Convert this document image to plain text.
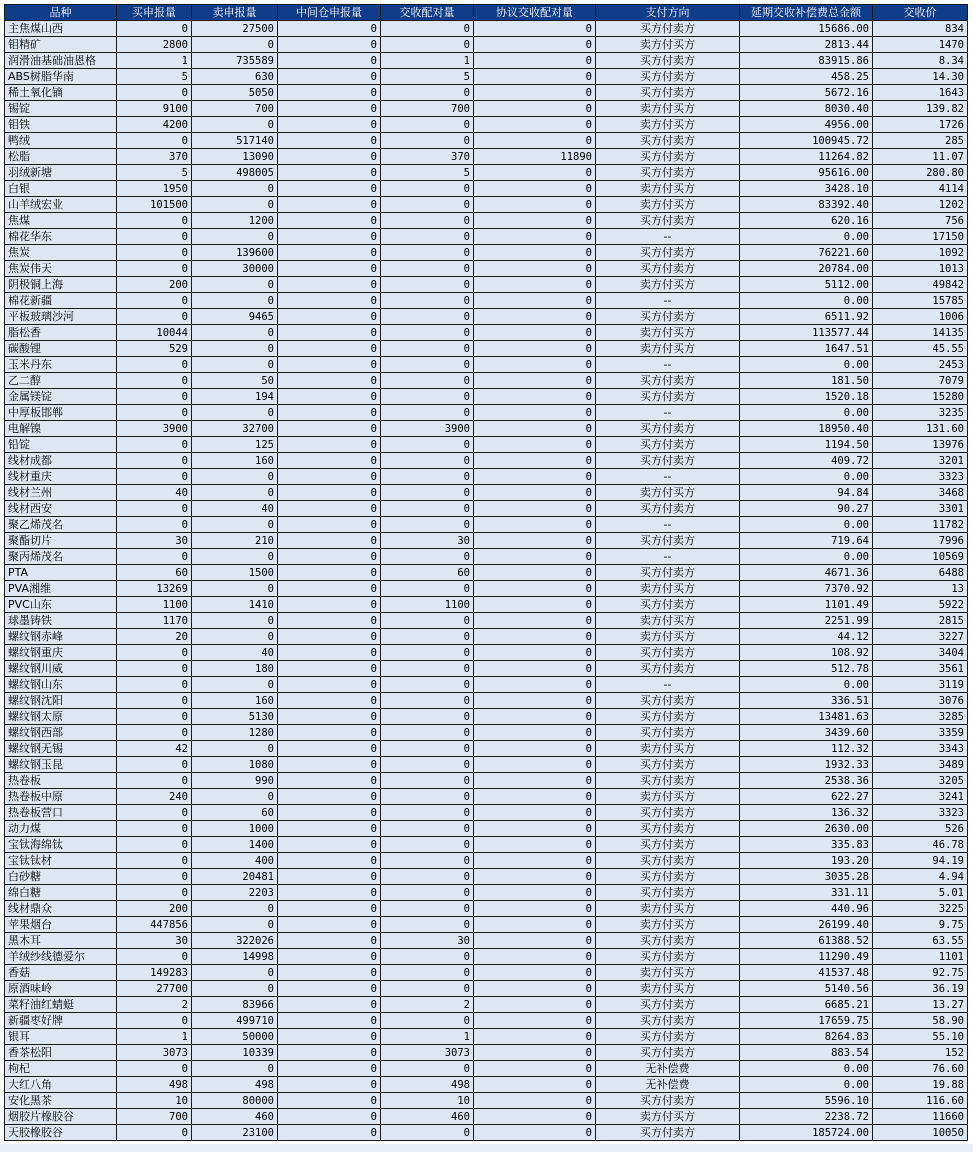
品种	买申报量	卖申报量	中间仓申报量	交收配对量	协议交收配对量	支付方向	延期交收补偿费总金额	交收价
主焦煤山西	0	27500	0	0	0	买方付卖方	15686.00	834
钼精矿	2800	0	0	0	0	卖方付买方	2813.44	1470
润滑油基础油恩格	1	735589	0	1	0	买方付卖方	83915.86	8.34
ABS树脂华南	5	630	0	5	0	买方付卖方	458.25	14.30
稀土氧化镝	0	5050	0	0	0	买方付卖方	5672.16	1643
锡锭	9100	700	0	700	0	卖方付买方	8030.40	139.82
钼铁	4200	0	0	0	0	卖方付买方	4956.00	1726
鸭绒	0	517140	0	0	0	买方付卖方	100945.72	285
松脂	370	13090	0	370	11890	买方付卖方	11264.82	11.07
羽绒新塘	5	498005	0	5	0	买方付卖方	95616.00	280.80
白银	1950	0	0	0	0	卖方付买方	3428.10	4114
山羊绒宏业	101500	0	0	0	0	卖方付买方	83392.40	1202
焦煤	0	1200	0	0	0	买方付卖方	620.16	756
棉花华东	0	0	0	0	0	--	0.00	17150
焦炭	0	139600	0	0	0	买方付卖方	76221.60	1092
焦炭伟天	0	30000	0	0	0	买方付卖方	20784.00	1013
阴极铜上海	200	0	0	0	0	卖方付买方	5112.00	49842
棉花新疆	0	0	0	0	0	--	0.00	15785
平板玻璃沙河	0	9465	0	0	0	买方付卖方	6511.92	1006
脂松香	10044	0	0	0	0	卖方付买方	113577.44	14135
碳酸锂	529	0	0	0	0	卖方付买方	1647.51	45.55
玉米丹东	0	0	0	0	0	--	0.00	2453
乙二醇	0	50	0	0	0	买方付卖方	181.50	7079
金属镁锭	0	194	0	0	0	买方付卖方	1520.18	15280
中厚板邯郸	0	0	0	0	0	--	0.00	3235
电解镍	3900	32700	0	3900	0	买方付卖方	18950.40	131.60
铅锭	0	125	0	0	0	买方付卖方	1194.50	13976
线材成都	0	160	0	0	0	买方付卖方	409.72	3201
线材重庆	0	0	0	0	0	--	0.00	3323
线材兰州	40	0	0	0	0	卖方付买方	94.84	3468
线材西安	0	40	0	0	0	买方付卖方	90.27	3301
聚乙烯茂名	0	0	0	0	0	--	0.00	11782
聚酯切片	30	210	0	30	0	买方付卖方	719.64	7996
聚丙烯茂名	0	0	0	0	0	--	0.00	10569
PTA	60	1500	0	60	0	买方付卖方	4671.36	6488
PVA湘维	13269	0	0	0	0	卖方付买方	7370.92	13
PVC山东	1100	1410	0	1100	0	买方付卖方	1101.49	5922
球墨铸铁	1170	0	0	0	0	卖方付买方	2251.99	2815
螺纹钢赤峰	20	0	0	0	0	卖方付买方	44.12	3227
螺纹钢重庆	0	40	0	0	0	买方付卖方	108.92	3404
螺纹钢川威	0	180	0	0	0	买方付卖方	512.78	3561
螺纹钢山东	0	0	0	0	0	--	0.00	3119
螺纹钢沈阳	0	160	0	0	0	买方付卖方	336.51	3076
螺纹钢太原	0	5130	0	0	0	买方付卖方	13481.63	3285
螺纹钢西部	0	1280	0	0	0	买方付卖方	3439.60	3359
螺纹钢无锡	42	0	0	0	0	卖方付买方	112.32	3343
螺纹钢玉昆	0	1080	0	0	0	买方付卖方	1932.33	3489
热卷板	0	990	0	0	0	买方付卖方	2538.36	3205
热卷板中原	240	0	0	0	0	卖方付买方	622.27	3241
热卷板营口	0	60	0	0	0	买方付卖方	136.32	3323
动力煤	0	1000	0	0	0	买方付卖方	2630.00	526
宝钛海绵钛	0	1400	0	0	0	买方付卖方	335.83	46.78
宝钛钛材	0	400	0	0	0	买方付卖方	193.20	94.19
白砂糖	0	20481	0	0	0	买方付卖方	3035.28	4.94
绵白糖	0	2203	0	0	0	买方付卖方	331.11	5.01
线材鼎众	200	0	0	0	0	卖方付买方	440.96	3225
苹果烟台	447856	0	0	0	0	卖方付买方	26199.40	9.75
黑木耳	30	322026	0	30	0	买方付卖方	61388.52	63.55
羊绒纱线德爱尔	0	14998	0	0	0	买方付卖方	11290.49	1101
香菇	149283	0	0	0	0	卖方付买方	41537.48	92.75
原酒味岭	27700	0	0	0	0	卖方付买方	5140.56	36.19
菜籽油红蜻蜓	2	83966	0	2	0	买方付卖方	6685.21	13.27
新疆枣好牌	0	499710	0	0	0	买方付卖方	17659.75	58.90
银耳	1	50000	0	1	0	买方付卖方	8264.83	55.10
香茶松阳	3073	10339	0	3073	0	买方付卖方	883.54	152
枸杞	0	0	0	0	0	无补偿费	0.00	76.60
大红八角	498	498	0	498	0	无补偿费	0.00	19.88
安化黑茶	10	80000	0	10	0	买方付卖方	5596.10	116.60
烟胶片橡胶谷	700	460	0	460	0	卖方付买方	2238.72	11660
天胶橡胶谷	0	23100	0	0	0	买方付卖方	185724.00	10050
